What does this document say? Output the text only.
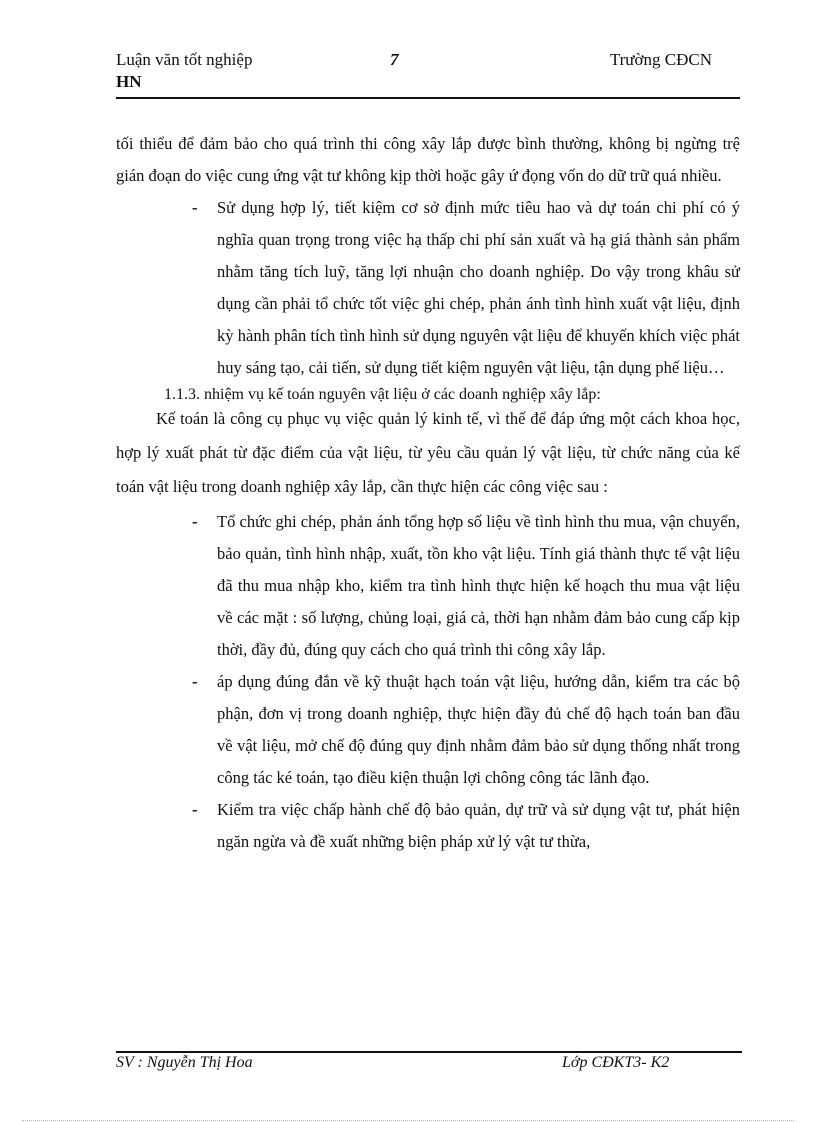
Luận văn tốt nghiệp	7	Trường CĐCN
HN

tối thiểu để đảm bảo cho quá trình thi công xây lắp được bình thường, không bị ngừng trệ gián đoạn do việc cung ứng vật tư không kịp thời hoặc gây ứ đọng vốn do dữ trữ quá nhiều.

- Sử dụng hợp lý, tiết kiệm cơ sở định mức tiêu hao và dự toán chi phí có ý nghĩa quan trọng trong việc hạ thấp chi phí sản xuất và hạ giá thành sản phẩm nhằm tăng tích luỹ, tăng lợi nhuận cho doanh nghiệp. Do vậy trong khâu sử dụng cần phải tổ chức tốt việc ghi chép, phản ánh tình hình xuất vật liệu, định kỳ hành phân tích tình hình sử dụng nguyên vật liệu để khuyến khích việc phát huy sáng tạo, cải tiến, sử dụng tiết kiệm nguyên vật liệu, tận dụng phế liệu…

1.1.3. nhiệm vụ kế toán nguyên vật liệu ở các doanh nghiệp xây lắp:

Kế toán là công cụ phục vụ việc quản lý kinh tế, vì thế để đáp ứng một cách khoa học, hợp lý xuất phát từ đặc điểm của vật liệu, từ yêu cầu quản lý vật liệu, từ chức năng của kế toán vật liệu trong doanh nghiệp xây lắp, cần thực hiện các công việc sau :

- Tổ chức ghi chép, phản ánh tổng hợp số liệu về tình hình thu mua, vận chuyển, bảo quản, tình hình nhập, xuất, tồn kho vật liệu. Tính giá thành thực tế vật liệu đã thu mua nhập kho, kiểm tra tình hình thực hiện kế hoạch thu mua vật liệu về các mặt : số lượng, chủng loại, giá cả, thời hạn nhằm đảm bảo cung cấp kịp thời, đầy đủ, đúng quy cách cho quá trình thi công xây lắp.
- áp dụng đúng đắn về kỹ thuật hạch toán vật liệu, hướng dẫn, kiểm tra các bộ phận, đơn vị trong doanh nghiệp, thực hiện đầy đủ chế độ hạch toán ban đầu về vật liệu, mở chế độ đúng quy định nhằm đảm bảo sử dụng thống nhất trong công tác ké toán, tạo điều kiện thuận lợi chông công tác lãnh đạo.
- Kiểm tra việc chấp hành chế độ bảo quản, dự trữ và sử dụng vật tư, phát hiện ngăn ngừa và đề xuất những biện pháp xử lý vật tư thừa,
SV : Nguyễn Thị Hoa	Lớp CĐKT3- K2
